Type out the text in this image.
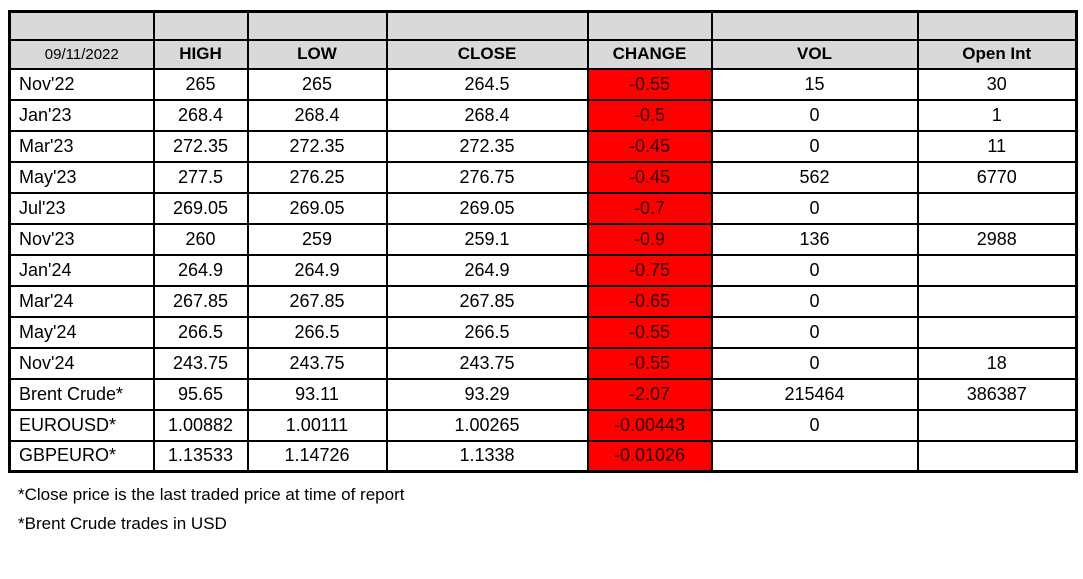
09/11/2022	HIGH	LOW	CLOSE	CHANGE	VOL	Open Int
Nov'22	265	265	264.5	-0.55	15	30
Jan'23	268.4	268.4	268.4	-0.5	0	1
Mar'23	272.35	272.35	272.35	-0.45	0	11
May'23	277.5	276.25	276.75	-0.45	562	6770
Jul'23	269.05	269.05	269.05	-0.7	0	
Nov'23	260	259	259.1	-0.9	136	2988
Jan'24	264.9	264.9	264.9	-0.75	0	
Mar'24	267.85	267.85	267.85	-0.65	0	
May'24	266.5	266.5	266.5	-0.55	0	
Nov'24	243.75	243.75	243.75	-0.55	0	18
Brent Crude*	95.65	93.11	93.29	-2.07	215464	386387
EUROUSD*	1.00882	1.00111	1.00265	-0.00443	0	
GBPEURO*	1.13533	1.14726	1.1338	-0.01026		
*Close price is the last traded price at time of report
*Brent Crude trades in USD
